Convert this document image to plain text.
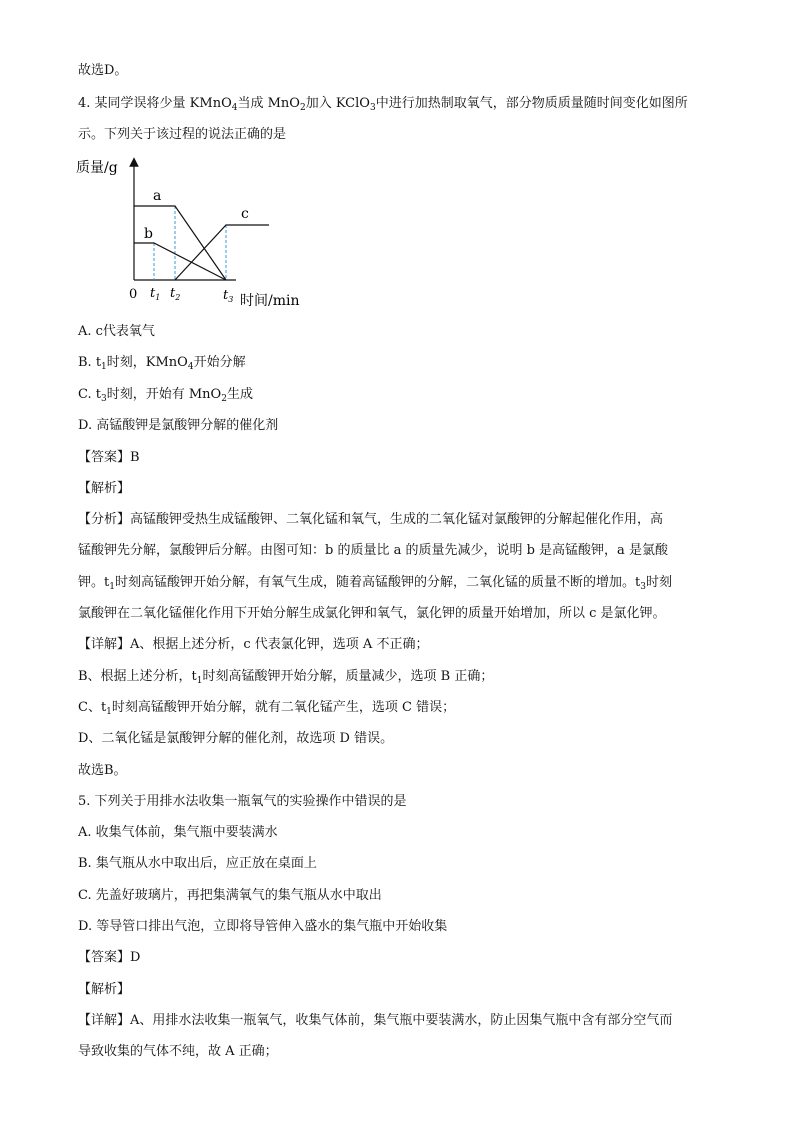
故选D。
4. 某同学误将少量 KMnO$_4$当成 MnO$_2$加入 KClO$_3$中进行加热制取氧气，部分物质质量随时间变化如图所
示。下列关于该过程的说法正确的是
质量/g
0	时间/min
a
b
c
$t_1$ $t_2$	$t_3$
A. c代表氧气
B. $t_1$时刻，KMnO$_4$开始分解
C. $t_3$时刻，开始有 MnO$_2$生成
D. 高锰酸钾是氯酸钾分解的催化剂
【答案】B
【解析】
【分析】高锰酸钾受热生成锰酸钾、二氧化锰和氧气，生成的二氧化锰对氯酸钾的分解起催化作用，高
锰酸钾先分解，氯酸钾后分解。由图可知：b 的质量比 a 的质量先减少，说明 b 是高锰酸钾，a 是氯酸
钾。$t_1$时刻高锰酸钾开始分解，有氧气生成，随着高锰酸钾的分解，二氧化锰的质量不断的增加。$t_3$时刻
氯酸钾在二氧化锰催化作用下开始分解生成氯化钾和氧气，氯化钾的质量开始增加，所以 c 是氯化钾。
【详解】A、根据上述分析，c 代表氯化钾，选项 A 不正确；
B、根据上述分析，$t_1$时刻高锰酸钾开始分解，质量减少，选项 B 正确；
C、$t_1$时刻高锰酸钾开始分解，就有二氧化锰产生，选项 C 错误；
D、二氧化锰是氯酸钾分解的催化剂，故选项 D 错误。
故选B。
5. 下列关于用排水法收集一瓶氧气的实验操作中错误的是
A. 收集气体前，集气瓶中要装满水
B. 集气瓶从水中取出后，应正放在桌面上
C. 先盖好玻璃片，再把集满氧气的集气瓶从水中取出
D. 等导管口排出气泡，立即将导管伸入盛水的集气瓶中开始收集
【答案】D
【解析】
【详解】A、用排水法收集一瓶氧气，收集气体前，集气瓶中要装满水，防止因集气瓶中含有部分空气而
导致收集的气体不纯，故 A 正确；
